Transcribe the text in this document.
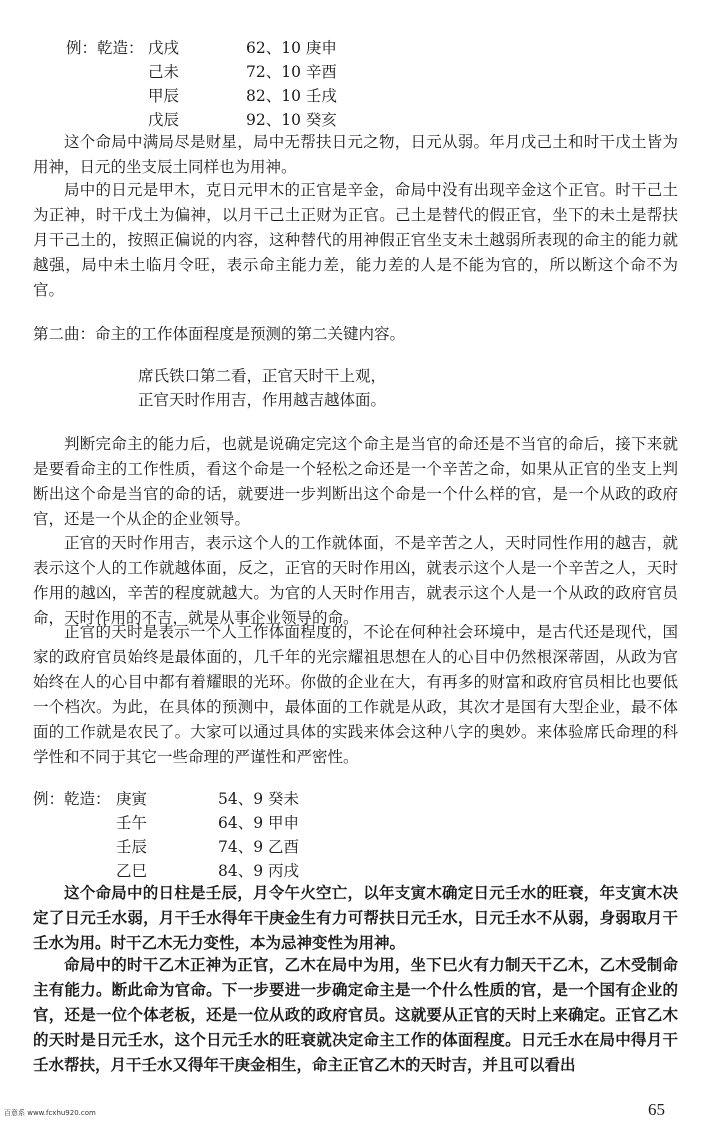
例：乾造： 戊戌	62、10 庚申
己未	72、10 辛酉
甲辰	82、10 壬戌
戊辰	92、10 癸亥

这个命局中满局尽是财星，局中无帮扶日元之物，日元从弱。年月戊己土和时干戊土皆为用神，日元的坐支辰土同样也为用神。

局中的日元是甲木，克日元甲木的正官是辛金，命局中没有出现辛金这个正官。时干己土为正神，时干戊土为偏神，以月干己土正财为正官。己土是替代的假正官，坐下的未土是帮扶月干己土的，按照正偏说的内容，这种替代的用神假正官坐支未土越弱所表现的命主的能力就越强，局中未土临月令旺，表示命主能力差，能力差的人是不能为官的，所以断这个命不为官。

第二曲：命主的工作体面程度是预测的第二关键内容。
席氏铁口第二看，正官天时干上观，
正官天时作用吉，作用越吉越体面。

判断完命主的能力后，也就是说确定完这个命主是当官的命还是不当官的命后，接下来就是要看命主的工作性质，看这个命是一个轻松之命还是一个辛苦之命，如果从正官的坐支上判断出这个命是当官的命的话，就要进一步判断出这个命是一个什么样的官，是一个从政的政府官，还是一个从企的企业领导。

正官的天时作用吉，表示这个人的工作就体面，不是辛苦之人，天时同性作用的越吉，就表示这个人的工作就越体面，反之，正官的天时作用凶，就表示这个人是一个辛苦之人，天时作用的越凶，辛苦的程度就越大。为官的人天时作用吉，就表示这个人是一个从政的政府官员命，天时作用的不吉，就是从事企业领导的命。

正官的天时是表示一个人工作体面程度的，不论在何种社会环境中，是古代还是现代，国家的政府官员始终是最体面的，几千年的光宗耀祖思想在人的心目中仍然根深蒂固，从政为官始终在人的心目中都有着耀眼的光环。你做的企业在大，有再多的财富和政府官员相比也要低一个档次。为此，在具体的预测中，最体面的工作就是从政，其次才是国有大型企业，最不体面的工作就是农民了。大家可以通过具体的实践来体会这种八字的奥妙。来体验席氏命理的科学性和不同于其它一些命理的严谨性和严密性。

例：乾造： 庚寅	54、9 癸未
壬午	64、9 甲申
壬辰	74、9 乙酉
乙巳	84、9 丙戌

这个命局中的日柱是壬辰，月令午火空亡，以年支寅木确定日元壬水的旺衰，年支寅木决定了日元壬水弱，月干壬水得年干庚金生有力可帮扶日元壬水，日元壬水不从弱，身弱取月干壬水为用。时干乙木无力变性，本为忌神变性为用神。

命局中的时干乙木正神为正官，乙木在局中为用，坐下巳火有力制天干乙木，乙木受制命主有能力。断此命为官命。下一步要进一步确定命主是一个什么性质的官，是一个国有企业的官，还是一位个体老板，还是一位从政的政府官员。这就要从正官的天时上来确定。正官乙木的天时是日元壬水，这个日元壬水的旺衰就决定命主工作的体面程度。日元壬水在局中得月干壬水帮扶，月干壬水又得年干庚金相生，命主正官乙木的天时吉，并且可以看出

百意系 www.fcxhu920.com	65
